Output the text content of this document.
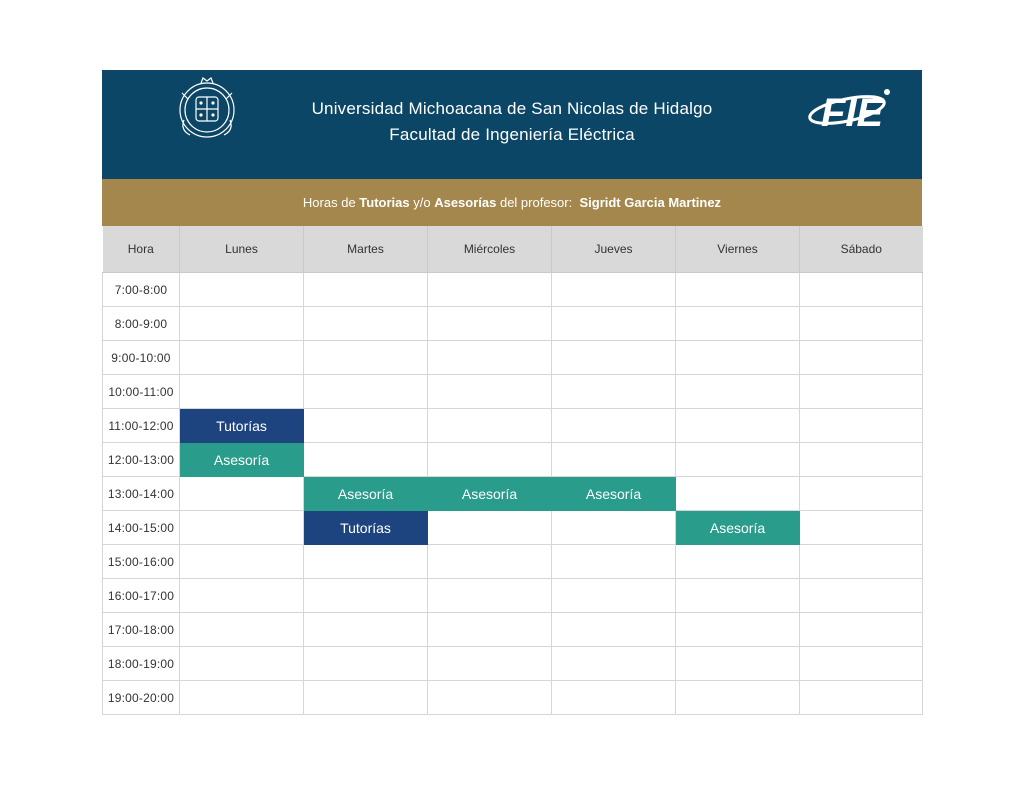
Universidad Michoacana de San Nicolas de Hidalgo
Facultad de Ingeniería Eléctrica	FIE
Horas de Tutorias y/o Asesorías del profesor: Sigridt Garcia Martinez
Hora	Lunes	Martes	Miércoles	Jueves	Viernes	Sábado
7:00-8:00						
8:00-9:00						
9:00-10:00						
10:00-11:00						
11:00-12:00	Tutorías					
12:00-13:00	Asesoría					
13:00-14:00		Asesoría	Asesoría	Asesoría		
14:00-15:00		Tutorías			Asesoría	
15:00-16:00						
16:00-17:00						
17:00-18:00						
18:00-19:00						
19:00-20:00						
